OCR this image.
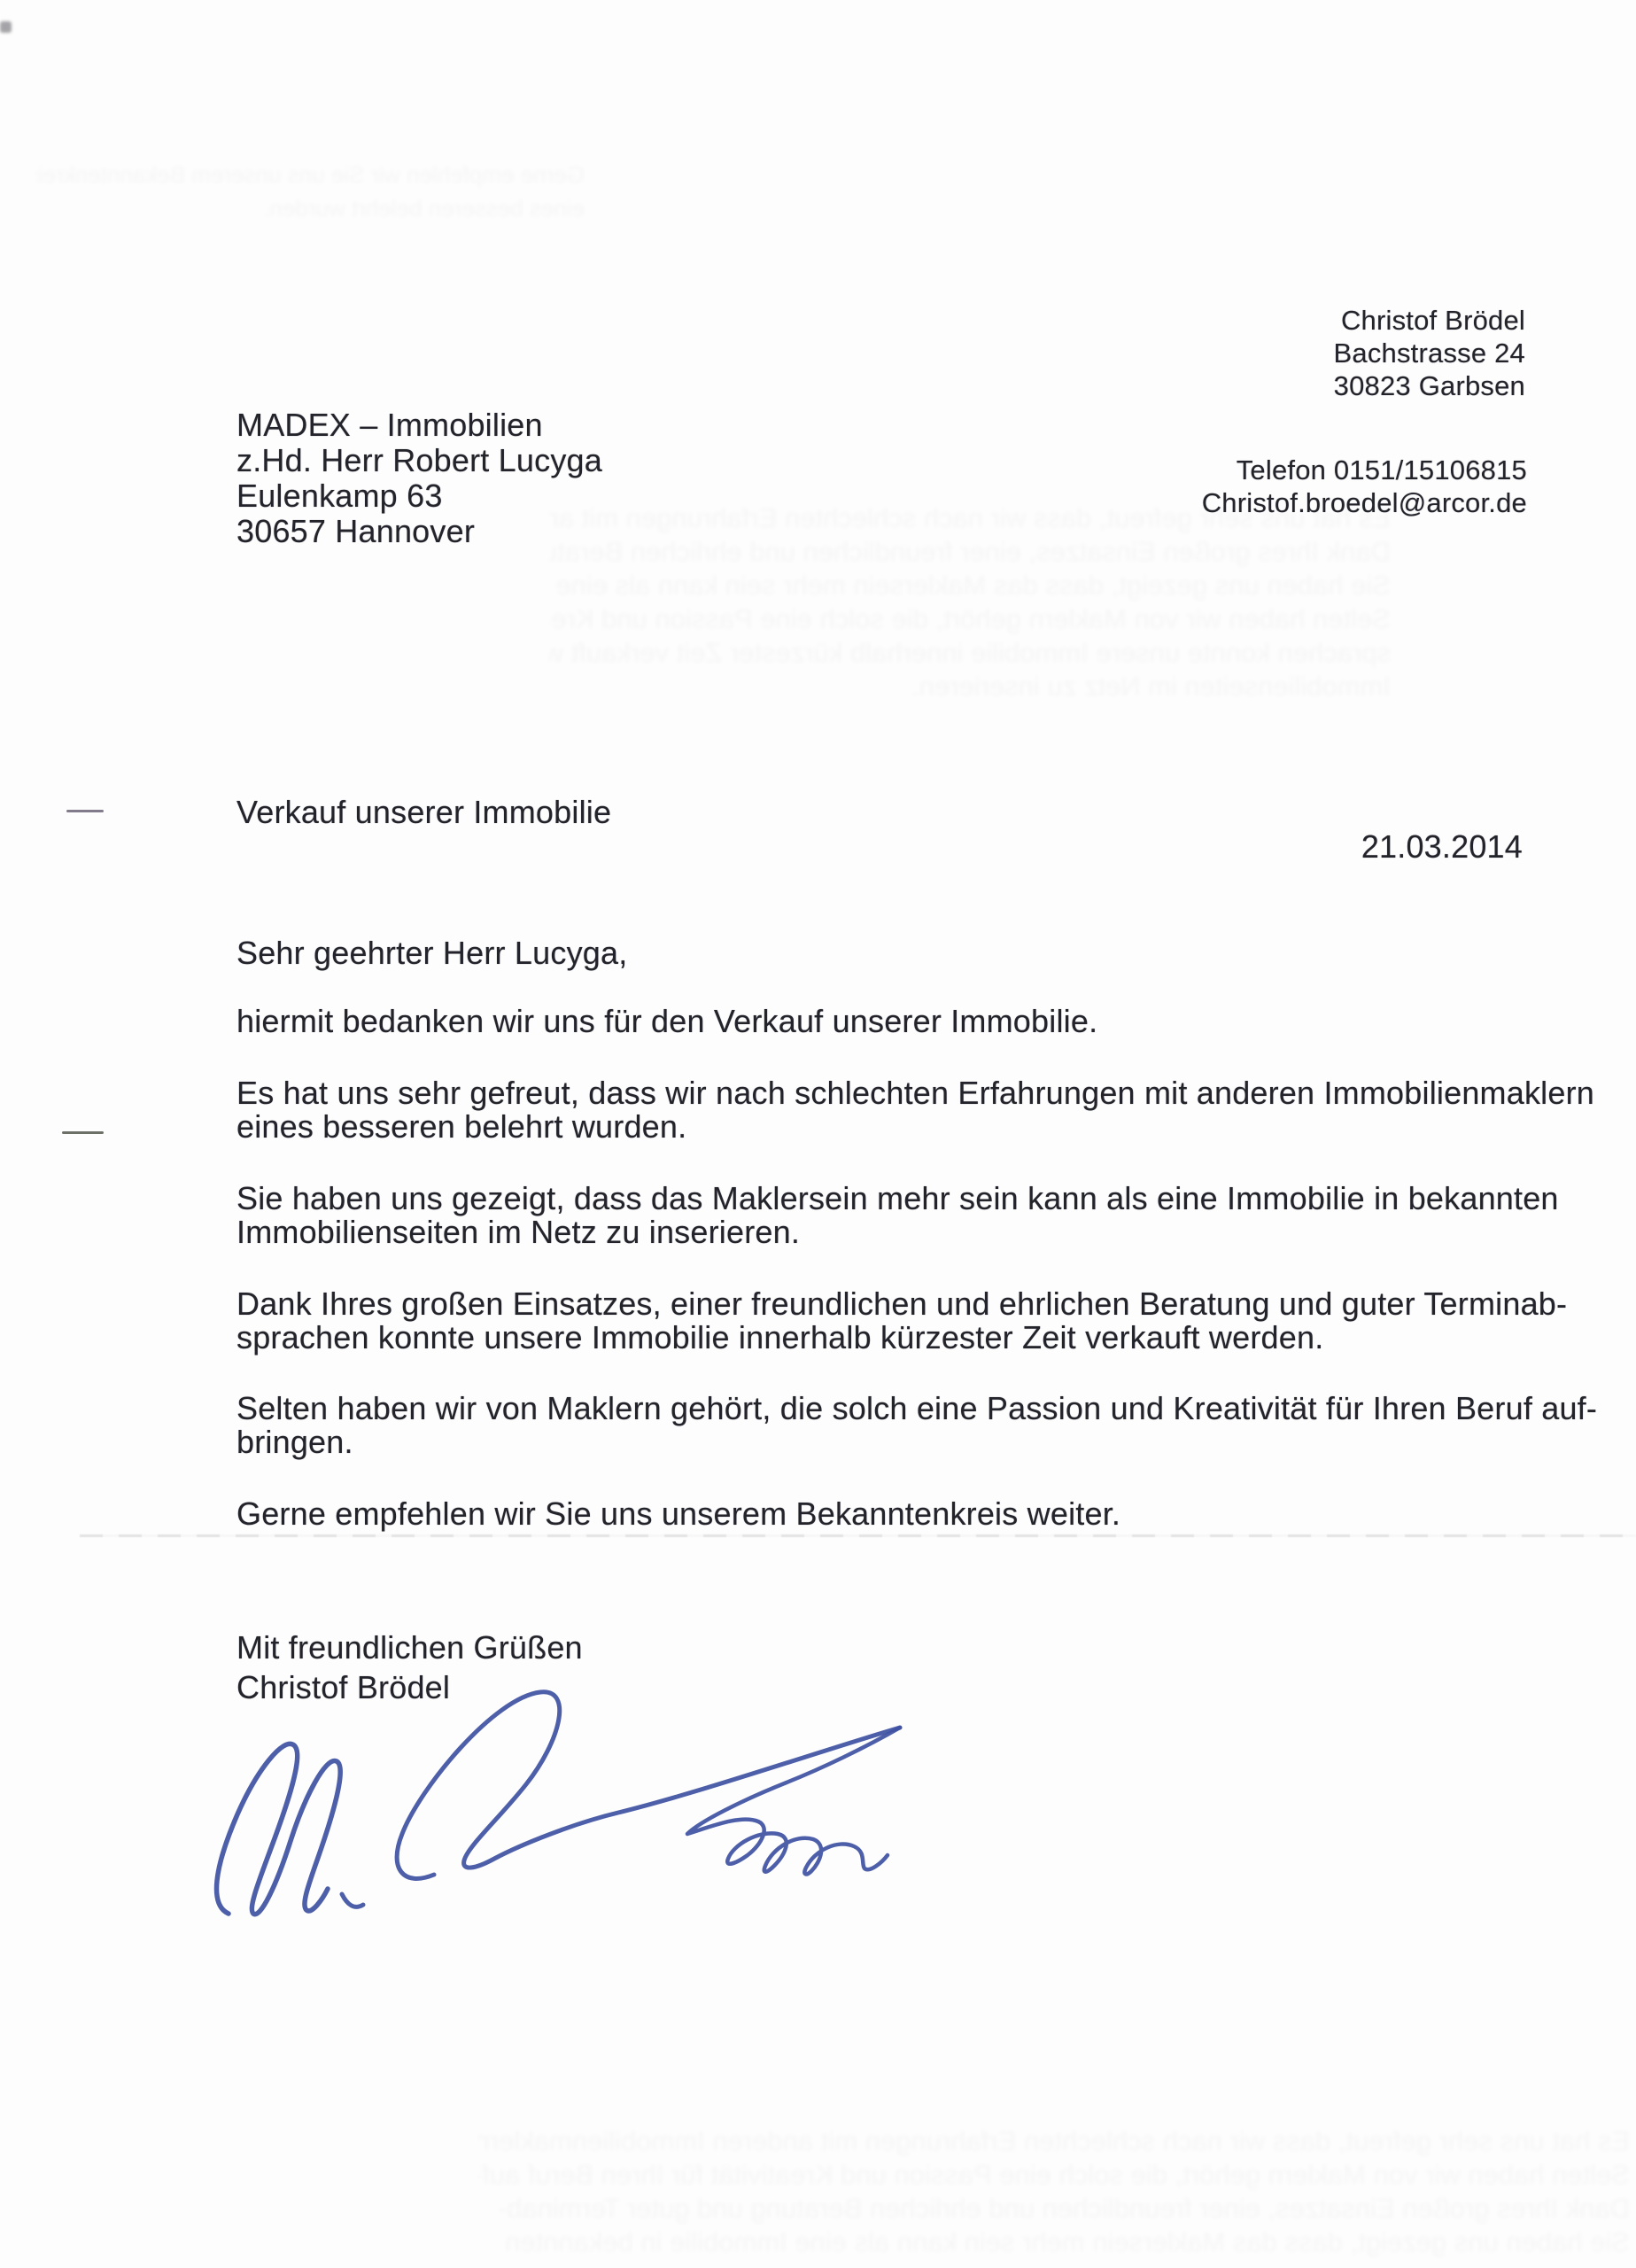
Christof Brödel
Bachstrasse 24
30823 Garbsen
MADEX – Immobilien
z.Hd. Herr Robert Lucyga
Eulenkamp 63
30657 Hannover
Telefon 0151/15106815
Christof.broedel@arcor.de
Verkauf unserer Immobilie
21.03.2014
Sehr geehrter Herr Lucyga,
hiermit bedanken wir uns für den Verkauf unserer Immobilie.
Es hat uns sehr gefreut, dass wir nach schlechten Erfahrungen mit anderen Immobilienmaklern
eines besseren belehrt wurden.
Sie haben uns gezeigt, dass das Maklersein mehr sein kann als eine Immobilie in bekannten
Immobilienseiten im Netz zu inserieren.
Dank Ihres großen Einsatzes, einer freundlichen und ehrlichen Beratung und guter Terminab-
sprachen konnte unsere Immobilie innerhalb kürzester Zeit verkauft werden.
Selten haben wir von Maklern gehört, die solch eine Passion und Kreativität für Ihren Beruf auf-
bringen.
Gerne empfehlen wir Sie uns unserem Bekanntenkreis weiter.
Mit freundlichen Grüßen
Christof Brödel
